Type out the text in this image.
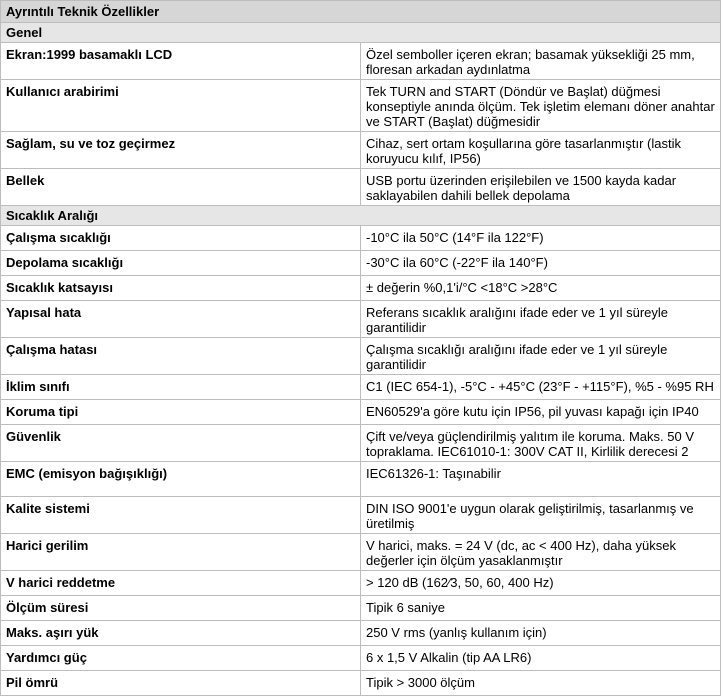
Ayrıntılı Teknik Özellikler	
Genel	
Ekran:1999 basamaklı LCD	Özel semboller içeren ekran; basamak yüksekliği 25 mm, floresan arkadan aydınlatma
Kullanıcı arabirimi	Tek TURN and START (Döndür ve Başlat) düğmesi konseptiyle anında ölçüm. Tek işletim elemanı döner anahtar ve START (Başlat) düğmesidir
Sağlam, su ve toz geçirmez	Cihaz, sert ortam koşullarına göre tasarlanmıştır (lastik koruyucu kılıf, IP56)
Bellek	USB portu üzerinden erişilebilen ve 1500 kayda kadar saklayabilen dahili bellek depolama
Sıcaklık Aralığı	
Çalışma sıcaklığı	-10°C ila 50°C (14°F ila 122°F)
Depolama sıcaklığı	-30°C ila 60°C (-22°F ila 140°F)
Sıcaklık katsayısı	± değerin %0,1'i/°C <18°C >28°C
Yapısal hata	Referans sıcaklık aralığını ifade eder ve 1 yıl süreyle garantilidir
Çalışma hatası	Çalışma sıcaklığı aralığını ifade eder ve 1 yıl süreyle garantilidir
İklim sınıfı	C1 (IEC 654-1), -5°C - +45°C (23°F - +115°F), %5 - %95 RH
Koruma tipi	EN60529'a göre kutu için IP56, pil yuvası kapağı için IP40
Güvenlik	Çift ve/veya güçlendirilmiş yalıtım ile koruma. Maks. 50 V topraklama. IEC61010-1: 300V CAT II, Kirlilik derecesi 2
EMC (emisyon bağışıklığı)	IEC61326-1: Taşınabilir
Kalite sistemi	DIN ISO 9001'e uygun olarak geliştirilmiş, tasarlanmış ve üretilmiş
Harici gerilim	V harici, maks. = 24 V (dc, ac < 400 Hz), daha yüksek değerler için ölçüm yasaklanmıştır
V harici reddetme	> 120 dB (162⁄3, 50, 60, 400 Hz)
Ölçüm süresi	Tipik 6 saniye
Maks. aşırı yük	250 V rms (yanlış kullanım için)
Yardımcı güç	6 x 1,5 V Alkalin (tip AA LR6)
Pil ömrü	Tipik > 3000 ölçüm
